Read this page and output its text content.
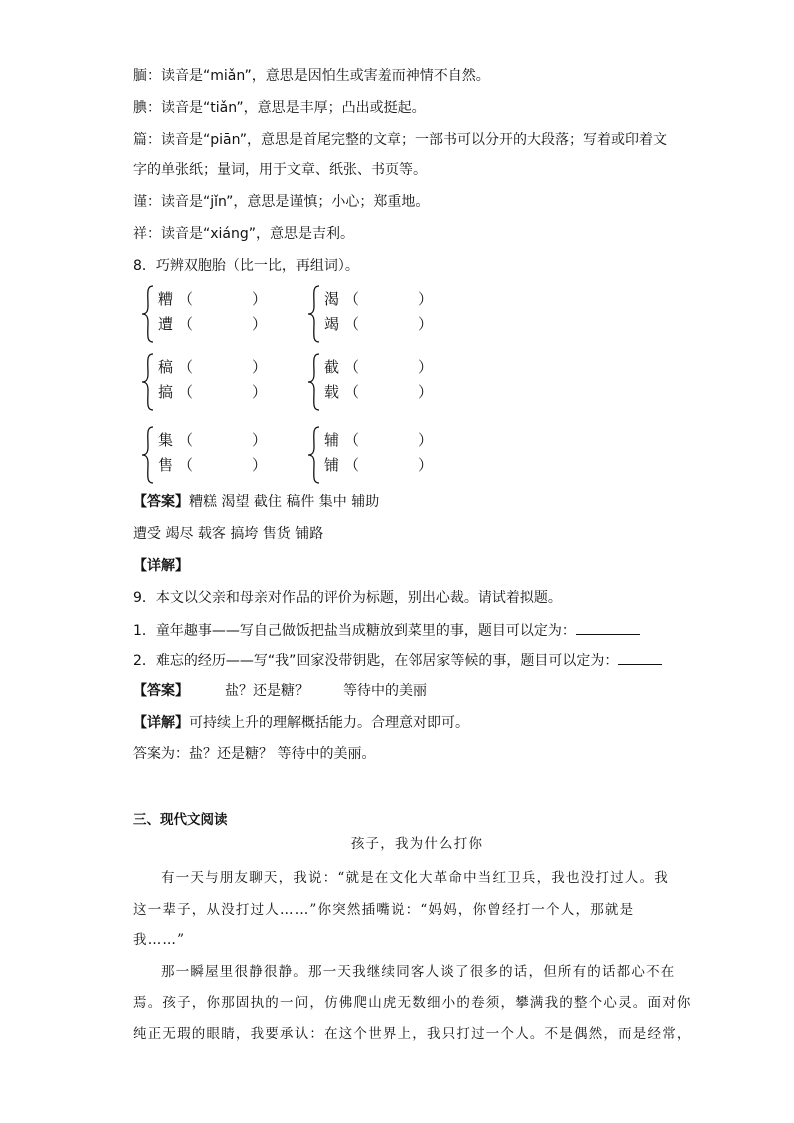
腼：读音是“miǎn”，意思是因怕生或害羞而神情不自然。
腆：读音是“tiǎn”，意思是丰厚；凸出或挺起。
篇：读音是“piān”，意思是首尾完整的文章；一部书可以分开的大段落；写着或印着文
字的单张纸；量词，用于文章、纸张、书页等。
谨：读音是“jǐn”，意思是谨慎；小心；郑重地。
祥：读音是“xiáng”，意思是吉利。
8．巧辨双胞胎（比一比，再组词）。
糟 （	）
遭 （	）
渴 （	）
竭 （	）
稿 （	）
搞 （	）
截 （	）
载 （	）
集 （	）
售 （	）
辅 （	）
铺 （	）
【答案】糟糕 渴望 截住 稿件 集中 辅助
遭受 竭尽 载客 搞垮 售货 铺路
【详解】
9．本文以父亲和母亲对作品的评价为标题，别出心裁。请试着拟题。
1．童年趣事——写自己做饭把盐当成糖放到菜里的事，题目可以定为：
2．难忘的经历——写“我”回家没带钥匙，在邻居家等候的事，题目可以定为：
【答案】	盐？还是糖？ 等待中的美丽
【详解】可持续上升的理解概括能力。合理意对即可。
答案为：盐？还是糖？ 等待中的美丽。
三、现代文阅读
孩子，我为什么打你
有一天与朋友聊天，我说：“就是在文化大革命中当红卫兵，我也没打过人。我
这一辈子，从没打过人……”你突然插嘴说：“妈妈，你曾经打一个人，那就是
我……”
那一瞬屋里很静很静。那一天我继续同客人谈了很多的话，但所有的话都心不在
焉。孩子，你那固执的一问，仿佛爬山虎无数细小的卷须，攀满我的整个心灵。面对你
纯正无瑕的眼睛，我要承认：在这个世界上，我只打过一个人。不是偶然，而是经常，
